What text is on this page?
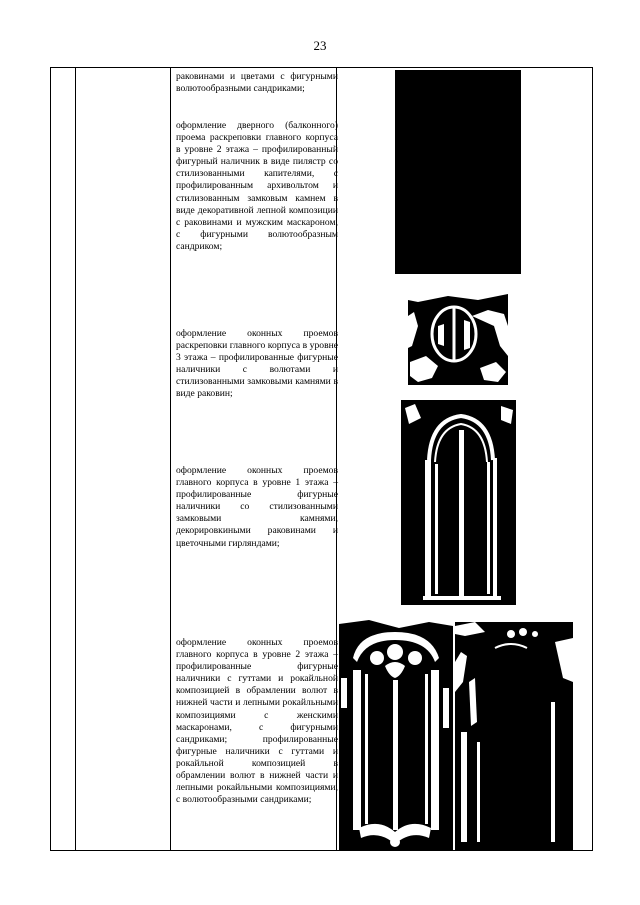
23
раковинами и цветами с фигурными волютообразными сандриками;
оформление дверного (балконного) проема раскреповки главного корпуса в уровне 2 этажа – профилированный фигурный наличник в виде пилястр со стилизованными капителями, с профилированным архивольтом и стилизованным замковым камнем в виде декоративной лепной композиции с раковинами и мужским маскароном, с фигурными волютообразным сандриком;
оформление оконных проемов раскреповки главного корпуса в уровне 3 этажа – профилированные фигурные наличники с волютами и стилизованными замковыми камнями в виде раковин;
оформление оконных проемов главного корпуса в уровне 1 этажа – профилированные фигурные наличники со стилизованными замковыми камнями, декорировкиными раковинами и цветочными гирляндами;
оформление оконных проемов главного корпуса в уровне 2 этажа – профилированные фигурные наличники с гуттами и рокайльной композицией в обрамлении волют в нижней части и лепными рокайльными композициями с женскими маскаронами, с фигурными сандриками; профилированные фигурные наличники с гуттами и рокайльной композицией в обрамлении волют в нижней части и лепными рокайльными композициями, с волютообразными сандриками;
